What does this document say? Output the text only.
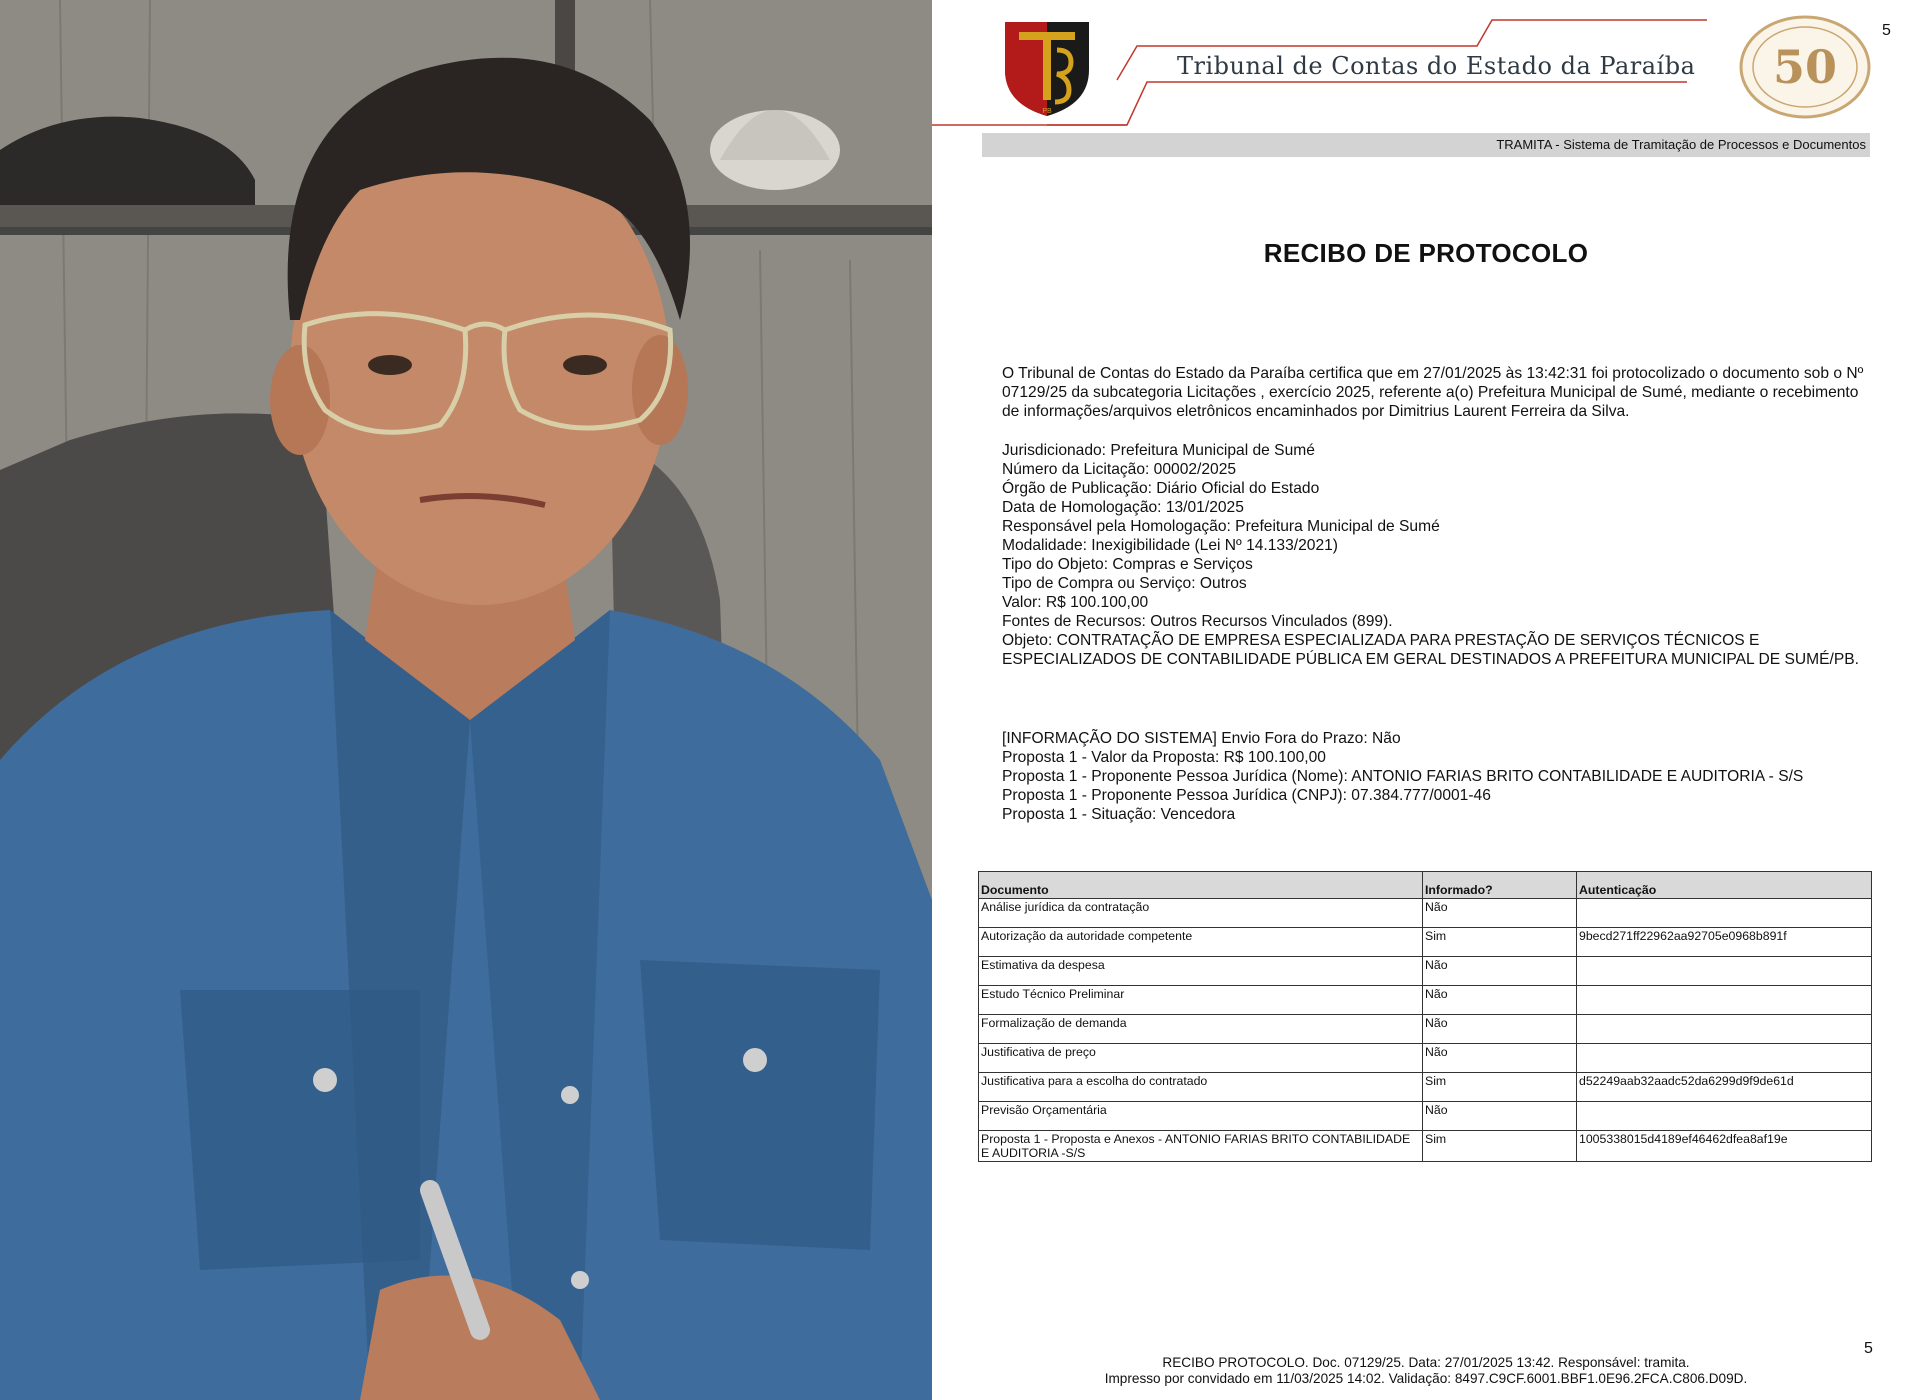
5
PB
Tribunal de Contas do Estado da Paraíba 50
TRAMITA - Sistema de Tramitação de Processos e Documentos
RECIBO DE PROTOCOLO
O Tribunal de Contas do Estado da Paraíba certifica que em 27/01/2025 às 13:42:31 foi protocolizado o documento sob o Nº 07129/25 da subcategoria Licitações , exercício 2025, referente a(o) Prefeitura Municipal de Sumé, mediante o recebimento de informações/arquivos eletrônicos encaminhados por Dimitrius Laurent Ferreira da Silva.

Jurisdicionado: Prefeitura Municipal de Sumé

Número da Licitação: 00002/2025

Órgão de Publicação: Diário Oficial do Estado

Data de Homologação: 13/01/2025

Responsável pela Homologação: Prefeitura Municipal de Sumé

Modalidade: Inexigibilidade (Lei Nº 14.133/2021)

Tipo do Objeto: Compras e Serviços

Tipo de Compra ou Serviço: Outros

Valor: R$ 100.100,00

Fontes de Recursos: Outros Recursos Vinculados (899).

Objeto: CONTRATAÇÃO DE EMPRESA ESPECIALIZADA PARA PRESTAÇÃO DE SERVIÇOS TÉCNICOS E ESPECIALIZADOS DE CONTABILIDADE PÚBLICA EM GERAL DESTINADOS A PREFEITURA MUNICIPAL DE SUMÉ/PB.

[INFORMAÇÃO DO SISTEMA] Envio Fora do Prazo: Não

Proposta 1 - Valor da Proposta: R$ 100.100,00

Proposta 1 - Proponente Pessoa Jurídica (Nome): ANTONIO FARIAS BRITO CONTABILIDADE E AUDITORIA - S/S

Proposta 1 - Proponente Pessoa Jurídica (CNPJ): 07.384.777/0001-46

Proposta 1 - Situação: Vencedora

Documento	Informado?	Autenticação
Análise jurídica da contratação	Não	
Autorização da autoridade competente	Sim	9becd271ff22962aa92705e0968b891f
Estimativa da despesa	Não	
Estudo Técnico Preliminar	Não	
Formalização de demanda	Não	
Justificativa de preço	Não	
Justificativa para a escolha do contratado	Sim	d52249aab32aadc52da6299d9f9de61d
Previsão Orçamentária	Não	
Proposta 1 - Proposta e Anexos - ANTONIO FARIAS BRITO CONTABILIDADE E AUDITORIA -S/S	Sim	1005338015d4189ef46462dfea8af19e
5
RECIBO PROTOCOLO. Doc. 07129/25. Data: 27/01/2025 13:42. Responsável: tramita.
Impresso por convidado em 11/03/2025 14:02. Validação: 8497.C9CF.6001.BBF1.0E96.2FCA.C806.D09D.
